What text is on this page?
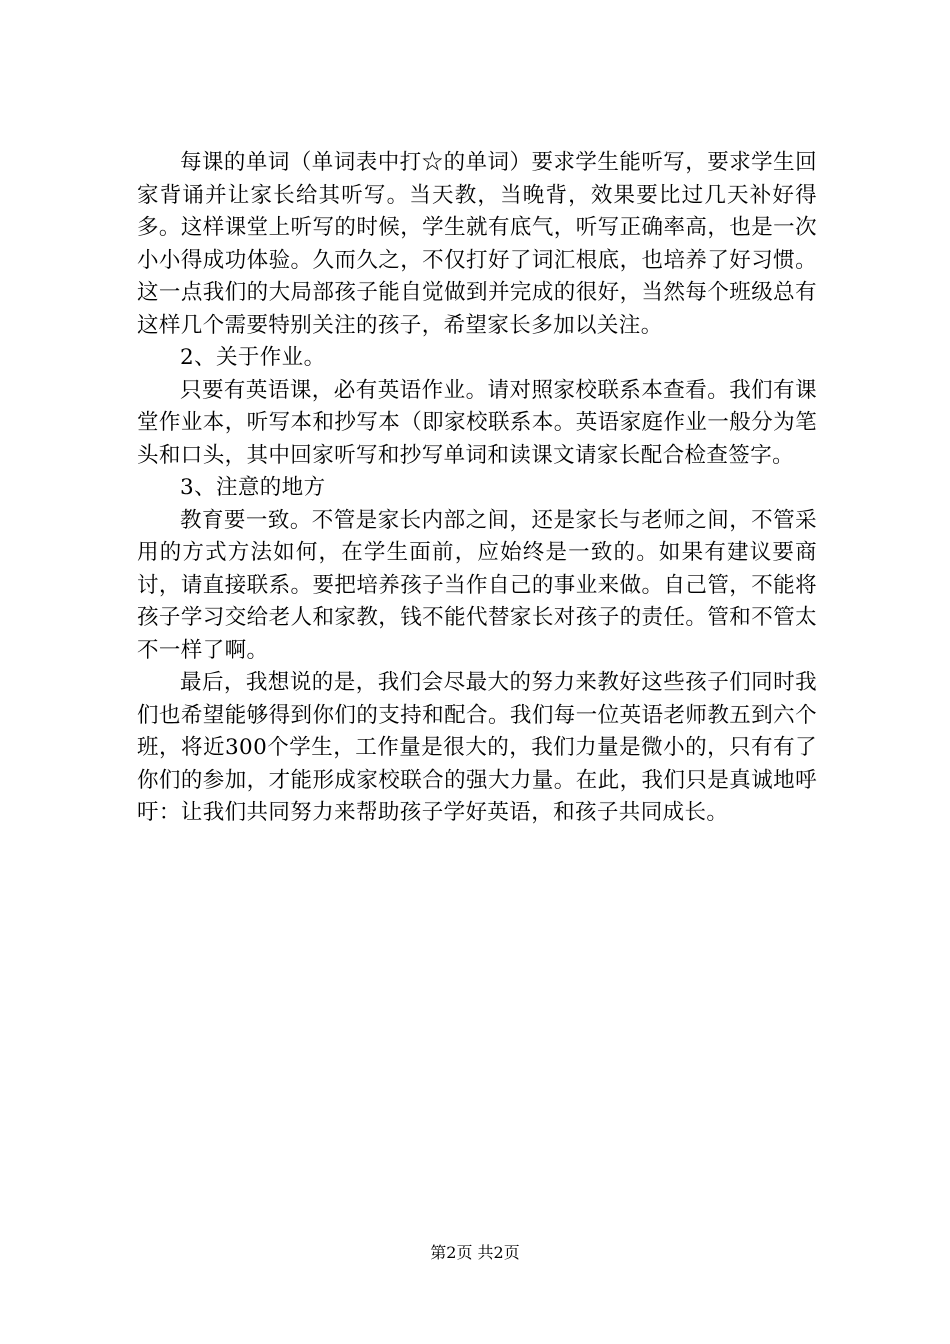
每课的单词（单词表中打☆的单词）要求学生能听写，要求学生回家背诵并让家长给其听写。当天教，当晚背，效果要比过几天补好得多。这样课堂上听写的时候，学生就有底气，听写正确率高，也是一次小小得成功体验。久而久之，不仅打好了词汇根底，也培养了好习惯。这一点我们的大局部孩子能自觉做到并完成的很好，当然每个班级总有这样几个需要特别关注的孩子，希望家长多加以关注。

2、关于作业。

只要有英语课，必有英语作业。请对照家校联系本查看。我们有课堂作业本，听写本和抄写本（即家校联系本。英语家庭作业一般分为笔头和口头，其中回家听写和抄写单词和读课文请家长配合检查签字。

3、注意的地方

教育要一致。不管是家长内部之间，还是家长与老师之间，不管采用的方式方法如何，在学生面前，应始终是一致的。如果有建议要商讨，请直接联系。要把培养孩子当作自己的事业来做。自己管，不能将孩子学习交给老人和家教，钱不能代替家长对孩子的责任。管和不管太不一样了啊。

最后，我想说的是，我们会尽最大的努力来教好这些孩子们同时我们也希望能够得到你们的支持和配合。我们每一位英语老师教五到六个班，将近300个学生，工作量是很大的，我们力量是微小的，只有有了你们的参加，才能形成家校联合的强大力量。在此，我们只是真诚地呼吁：让我们共同努力来帮助孩子学好英语，和孩子共同成长。

第2页 共2页
